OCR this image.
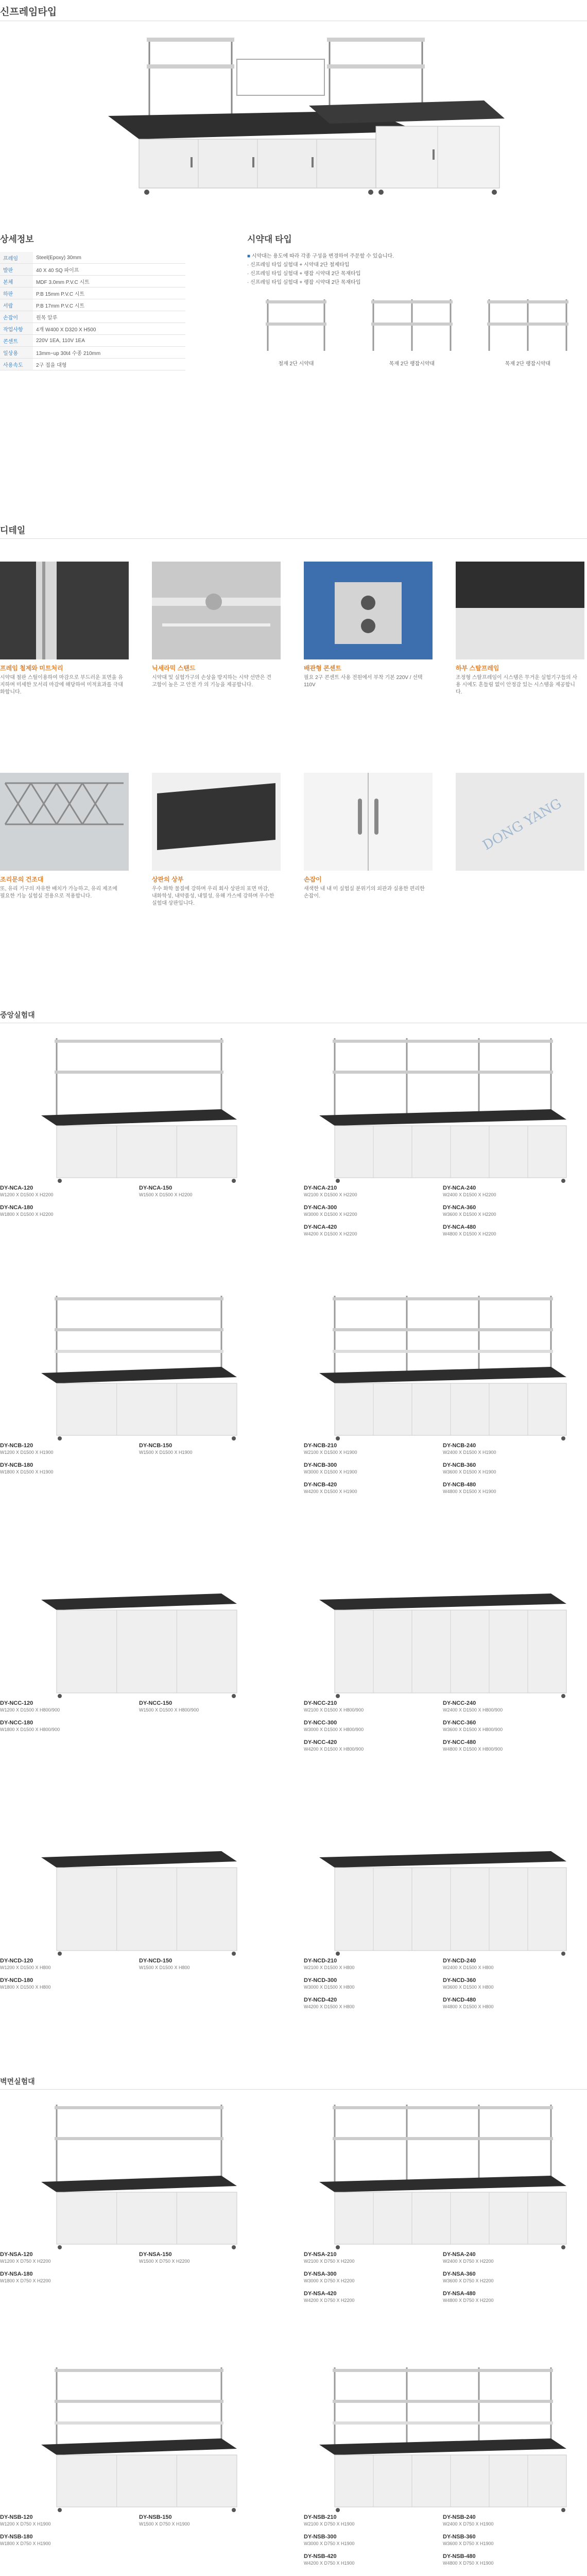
신프레임타입
상세정보
프레임	Steel(Epoxy) 30mm
발판	40 X 40 SQ 파이프
본체	MDF 3.0mm P.V.C 시트
하판	P.B 15mm P.V.C 시트
서랍	P.B 17mm P.V.C 시트
손잡이	원목 알루
작업사항	4개 W400 X D320 X H500
콘센트	220V 1EA, 110V 1EA
일상용	13mm~up 30t4 수종 210mm
사용속도	2구 접을 대형
시약대 타입
■ 시약대는 용도에 따라 각종 구성을 변경하여 주문할 수 있습니다.
· 신프레임 타입 실험대 + 시약대 2단 철제타입
· 신프레임 타입 실험대 + 랭잡 시약대 2단 목재타입
· 신프레임 타입 실험대 + 랭잡 시약대 2단 목재타입
철재 2단 시약대	목재 2단 랭잡시약대	목재 2단 랭잡시약대
디테일
프레임 철제와 미트처리
시약대 철판 스틸이용하여 마감으로 부드러운 표면을 유지하며 미세한 모서리 마감에 해당하여 미적효과를 극대화합니다.
닉세라믹 스탠드
시약대 및 실험가구의 손상을 방지하는 시약 선반은 견고함이 높은 고 안전 가 의 기능을 제공합니다.
배관형 콘센트
필요 2구 콘센트 사용 전원에서 부착 기본 220V / 선택 110V
하부 스탈프레임
조정형 스탈프레임이 시스템은 무거운 실험기구들의 사용 시에도 흔들림 없이 안정감 있는 시스템을 제공합니다.
조리문의 건조대
또, 유리 기구의 자유한 배치가 가능하고, 유리 제조에 필요한 기능 실험실 전용으로 적용합니다.
상판의 상부
우수 화학 물질에 강하며 우리 회사 상판의 표면 마감, 내화학성, 내약품성, 내열성, 유해 가스에 강하며 우수한 실험대 상판입니다.
손잡이
새색한 내 내 미 실험실 분위기의 외관과 실용한 편리한 손잡이.
DONG YANG
중앙실험대
벽면실험대
DY-NCA-120
W1200 X D1500 X H2200
DY-NCA-150
W1500 X D1500 X H2200
DY-NCA-180
W1800 X D1500 X H2200
DY-NCA-210
W2100 X D1500 X H2200
DY-NCA-240
W2400 X D1500 X H2200
DY-NCA-300
W3000 X D1500 X H2200
DY-NCA-360
W3600 X D1500 X H2200
DY-NCA-420
W4200 X D1500 X H2200
DY-NCA-480
W4800 X D1500 X H2200
DY-NCB-120
W1200 X D1500 X H1900
DY-NCB-150
W1500 X D1500 X H1900
DY-NCB-180
W1800 X D1500 X H1900
DY-NCB-210
W2100 X D1500 X H1900
DY-NCB-240
W2400 X D1500 X H1900
DY-NCB-300
W3000 X D1500 X H1900
DY-NCB-360
W3600 X D1500 X H1900
DY-NCB-420
W4200 X D1500 X H1900
DY-NCB-480
W4800 X D1500 X H1900
DY-NCC-120
W1200 X D1500 X H800/900
DY-NCC-150
W1500 X D1500 X H800/900
DY-NCC-180
W1800 X D1500 X H800/900
DY-NCC-210
W2100 X D1500 X H800/900
DY-NCC-240
W2400 X D1500 X H800/900
DY-NCC-300
W3000 X D1500 X H800/900
DY-NCC-360
W3600 X D1500 X H800/900
DY-NCC-420
W4200 X D1500 X H800/900
DY-NCC-480
W4800 X D1500 X H800/900
DY-NCD-120
W1200 X D1500 X H800
DY-NCD-150
W1500 X D1500 X H800
DY-NCD-180
W1800 X D1500 X H800
DY-NCD-210
W2100 X D1500 X H800
DY-NCD-240
W2400 X D1500 X H800
DY-NCD-300
W3000 X D1500 X H800
DY-NCD-360
W3600 X D1500 X H800
DY-NCD-420
W4200 X D1500 X H800
DY-NCD-480
W4800 X D1500 X H800
DY-NSA-120
W1200 X D750 X H2200
DY-NSA-150
W1500 X D750 X H2200
DY-NSA-180
W1800 X D750 X H2200
DY-NSA-210
W2100 X D750 X H2200
DY-NSA-240
W2400 X D750 X H2200
DY-NSA-300
W3000 X D750 X H2200
DY-NSA-360
W3600 X D750 X H2200
DY-NSA-420
W4200 X D750 X H2200
DY-NSA-480
W4800 X D750 X H2200
DY-NSB-120
W1200 X D750 X H1900
DY-NSB-150
W1500 X D750 X H1900
DY-NSB-180
W1800 X D750 X H1900
DY-NSB-210
W2100 X D750 X H1900
DY-NSB-240
W2400 X D750 X H1900
DY-NSB-300
W3000 X D750 X H1900
DY-NSB-360
W3600 X D750 X H1900
DY-NSB-420
W4200 X D750 X H1900
DY-NSB-480
W4800 X D750 X H1900
